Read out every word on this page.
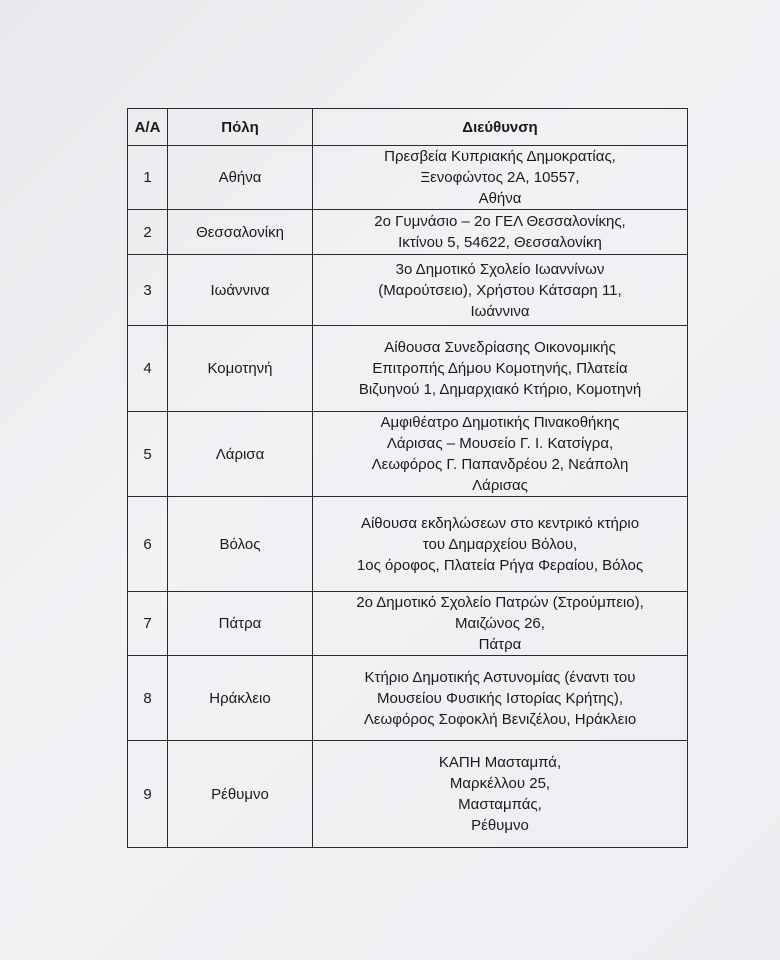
Α/Α	Πόλη	Διεύθυνση
1	Αθήνα	Πρεσβεία Κυπριακής Δημοκρατίας,
Ξενοφώντος 2Α, 10557,
Αθήνα

2	Θεσσαλονίκη	2ο Γυμνάσιο – 2ο ΓΕΛ Θεσσαλονίκης,
Ικτίνου 5, 54622, Θεσσαλονίκη

3	Ιωάννινα	3ο Δημοτικό Σχολείο Ιωαννίνων
(Μαρούτσειο), Χρήστου Κάτσαρη 11,
Ιωάννινα

4	Κομοτηνή	Αίθουσα Συνεδρίασης Οικονομικής
Επιτροπής Δήμου Κομοτηνής, Πλατεία
Βιζυηνού 1, Δημαρχιακό Κτήριο, Κομοτηνή

5	Λάρισα	Αμφιθέατρο Δημοτικής Πινακοθήκης
Λάρισας – Μουσείο Γ. Ι. Κατσίγρα,
Λεωφόρος Γ. Παπανδρέου 2, Νεάπολη
Λάρισας

6	Βόλος	Αίθουσα εκδηλώσεων στο κεντρικό κτήριο
του Δημαρχείου Βόλου,
1ος όροφος, Πλατεία Ρήγα Φεραίου, Βόλος

7	Πάτρα	2ο Δημοτικό Σχολείο Πατρών (Στρούμπειο),
Μαιζώνος 26,
Πάτρα

8	Ηράκλειο	Κτήριο Δημοτικής Αστυνομίας (έναντι του
Μουσείου Φυσικής Ιστορίας Κρήτης),
Λεωφόρος Σοφοκλή Βενιζέλου, Ηράκλειο

9	Ρέθυμνο	ΚΑΠΗ Μασταμπά,
Μαρκέλλου 25,
Μασταμπάς,
Ρέθυμνο
